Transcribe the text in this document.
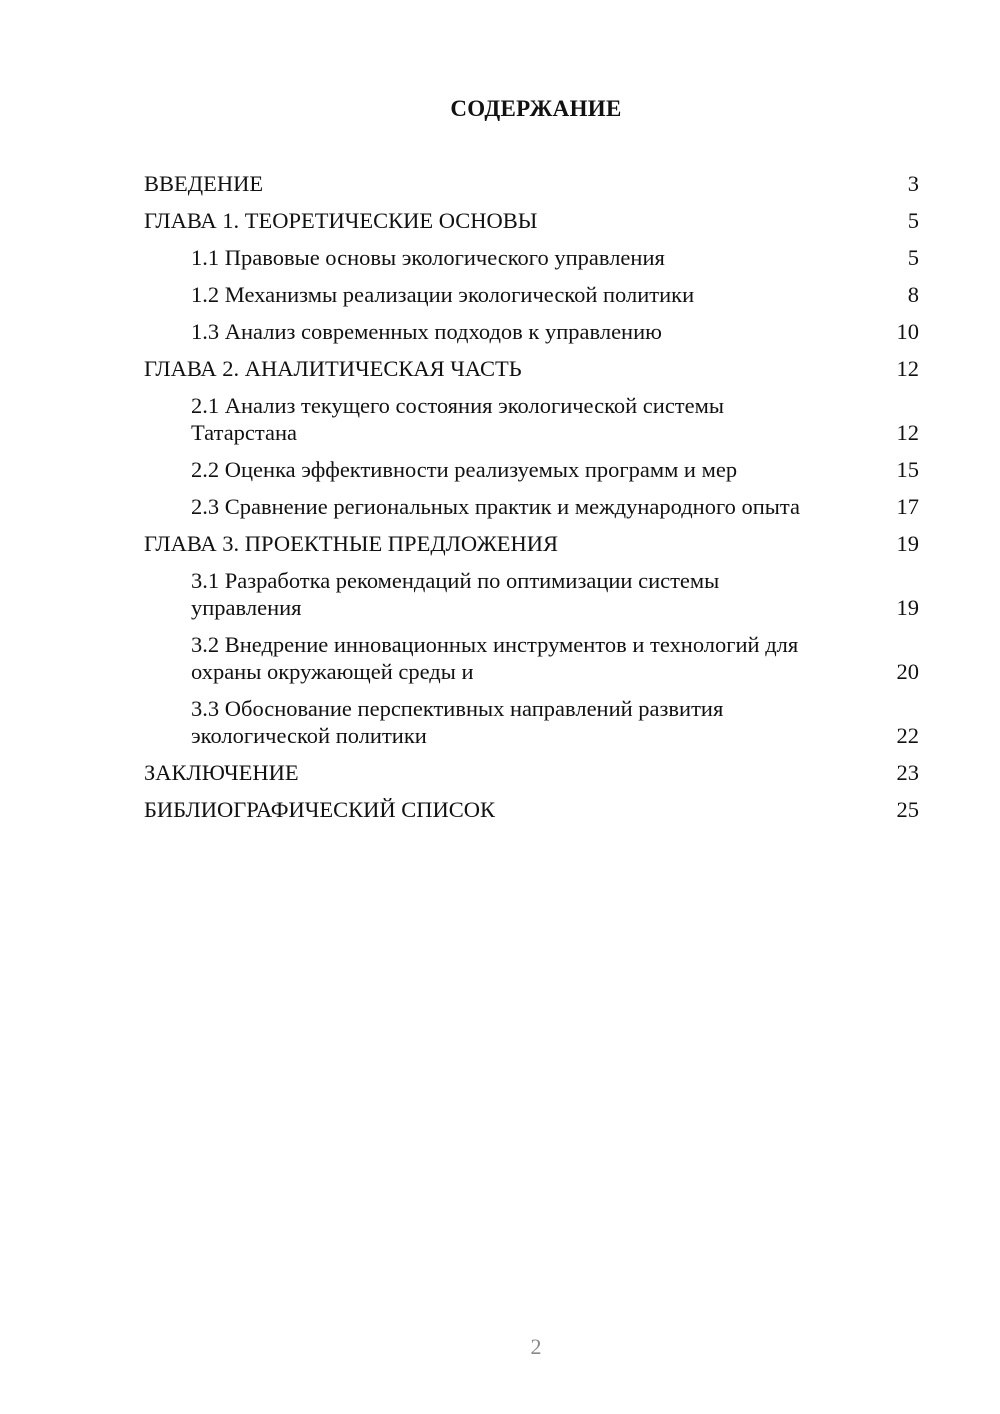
СОДЕРЖАНИЕ
ВВЕДЕНИЕ	3
ГЛАВА 1. ТЕОРЕТИЧЕСКИЕ ОСНОВЫ	5
1.1 Правовые основы экологического управления	5
1.2 Механизмы реализации экологической политики	8
1.3 Анализ современных подходов к управлению	10
ГЛАВА 2. АНАЛИТИЧЕСКАЯ ЧАСТЬ	12
2.1 Анализ текущего состояния экологической системы Татарстана	12
2.2 Оценка эффективности реализуемых программ и мер	15
2.3 Сравнение региональных практик и международного опыта	17
ГЛАВА 3. ПРОЕКТНЫЕ ПРЕДЛОЖЕНИЯ	19
3.1 Разработка рекомендаций по оптимизации системы управления	19
3.2 Внедрение инновационных инструментов и технологий для охраны окружающей среды и	20
3.3 Обоснование перспективных направлений развития экологической политики	22
ЗАКЛЮЧЕНИЕ	23
БИБЛИОГРАФИЧЕСКИЙ СПИСОК	25
2
